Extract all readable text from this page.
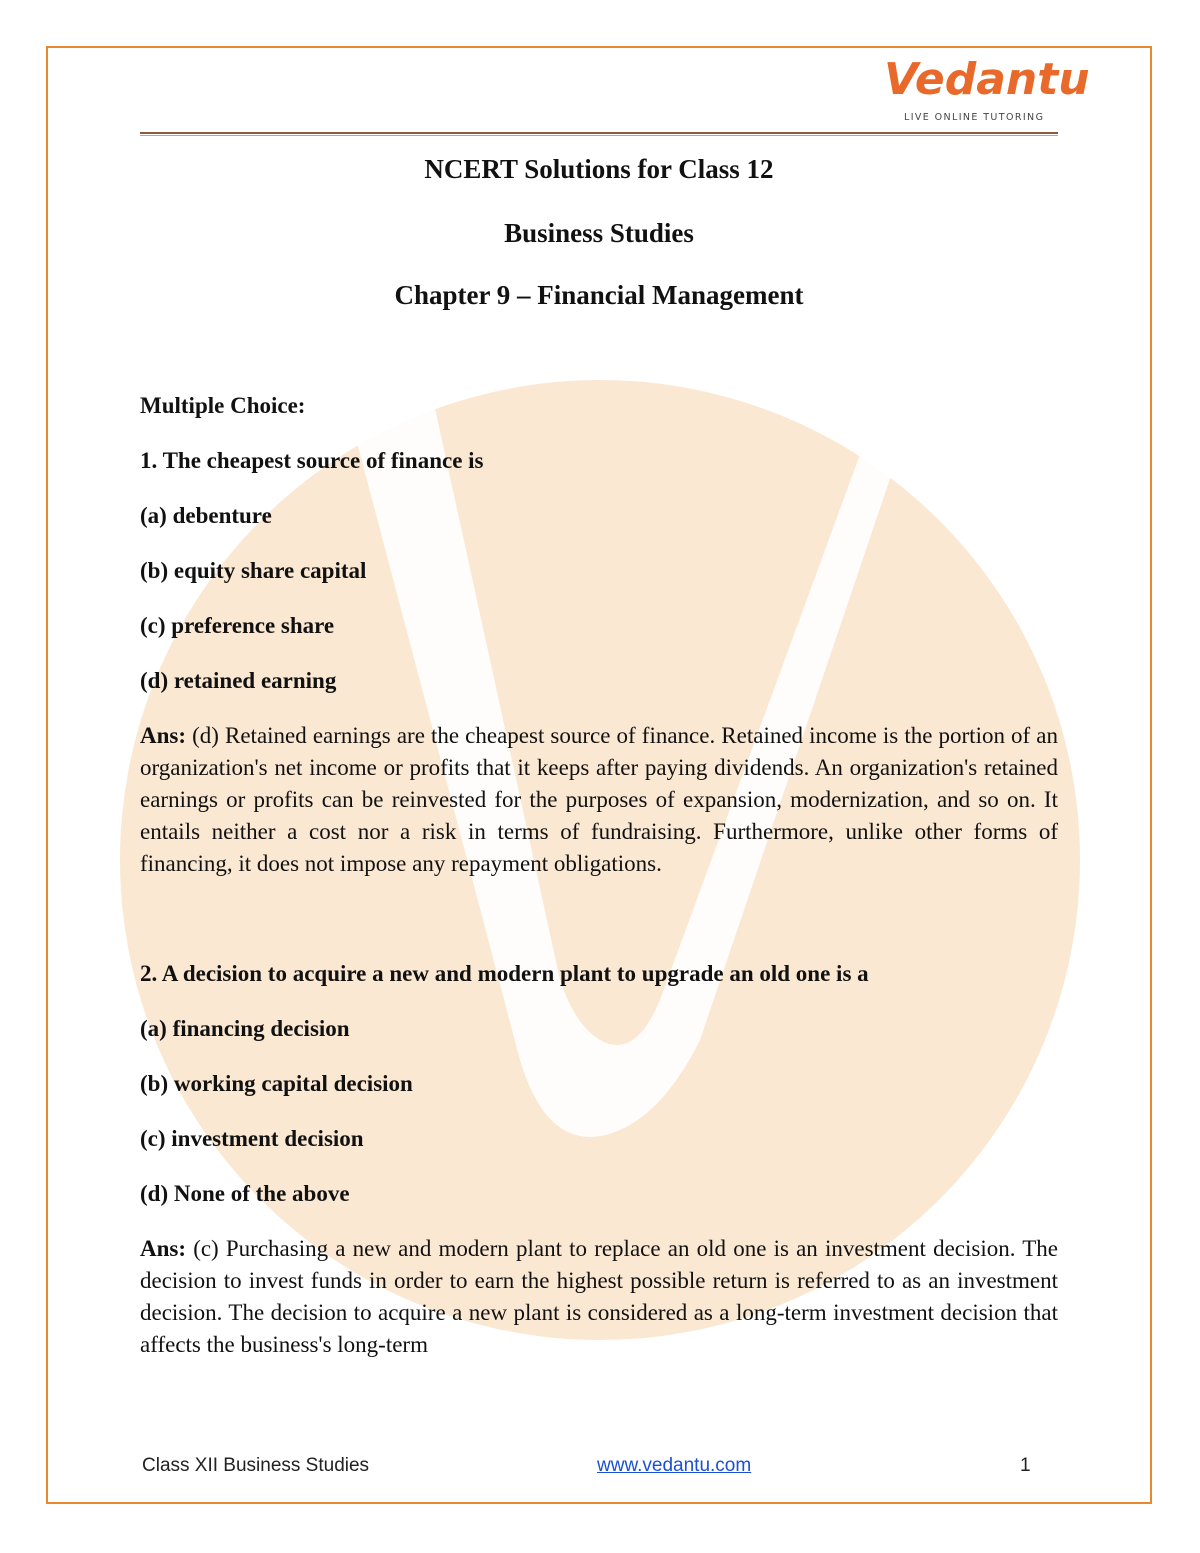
Vedantu
LIVE ONLINE TUTORING
NCERT Solutions for Class 12
Business Studies
Chapter 9 – Financial Management

Multiple Choice:

1. The cheapest source of finance is

(a) debenture

(b) equity share capital

(c) preference share

(d) retained earning

Ans: (d) Retained earnings are the cheapest source of finance. Retained income is the portion of an organization's net income or profits that it keeps after paying dividends. An organization's retained earnings or profits can be reinvested for the purposes of expansion, modernization, and so on. It entails neither a cost nor a risk in terms of fundraising. Furthermore, unlike other forms of financing, it does not impose any repayment obligations.

2. A decision to acquire a new and modern plant to upgrade an old one is a

(a) financing decision

(b) working capital decision

(c) investment decision

(d) None of the above

Ans: (c) Purchasing a new and modern plant to replace an old one is an investment decision. The decision to invest funds in order to earn the highest possible return is referred to as an investment decision. The decision to acquire a new plant is considered as a long-term investment decision that affects the business's long-term

Class XII Business Studies	www.vedantu.com	1
